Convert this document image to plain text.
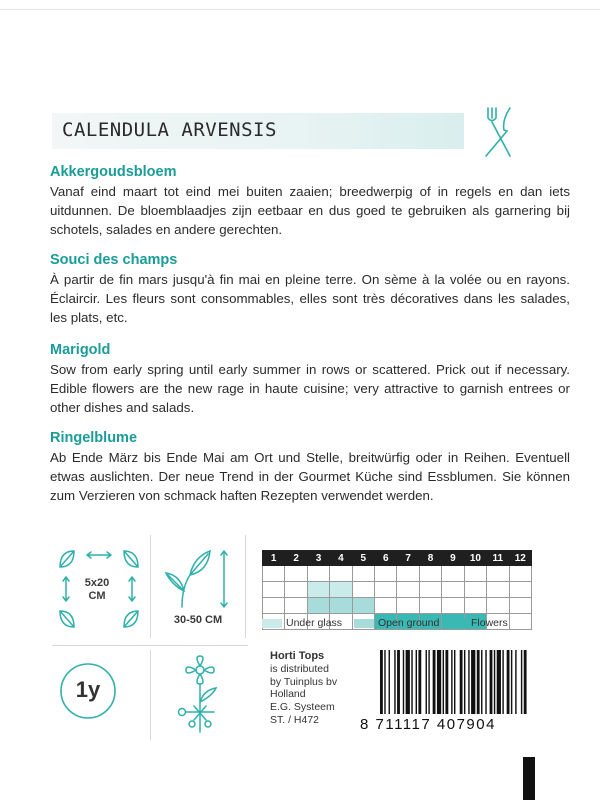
CALENDULA ARVENSIS
Akkergoudsbloem

Vanaf eind maart tot eind mei buiten zaaien; breedwerpig of in regels en dan iets uitdunnen. De bloemblaadjes zijn eetbaar en dus goed te gebruiken als garnering bij schotels, salades en andere gerechten.

Souci des champs

À partir de fin mars jusqu'à fin mai en pleine terre. On sème à la volée ou en rayons. Éclaircir. Les fleurs sont consommables, elles sont très décoratives dans les salades, les plats, etc.

Marigold

Sow from early spring until early summer in rows or scattered. Prick out if necessary. Edible flowers are the new rage in haute cuisine; very attractive to garnish entrees or other dishes and salads.

Ringelblume

Ab Ende März bis Ende Mai am Ort und Stelle, breitwürfig oder in Reihen. Eventuell etwas auslichten. Der neue Trend in der Gourmet Küche sind Essblumen. Sie können zum Verzieren von schmack haften Rezepten verwendet werden.

5x20
CM
30-50 CM
1y
1	2	3	4	5	6	7	8	9	10	11	12

Under glass	Open ground	Flowers
Horti Tops
is distributed
by Tuinplus bv
Holland
E.G. Systeem
ST. / H472	8 711117 407904
